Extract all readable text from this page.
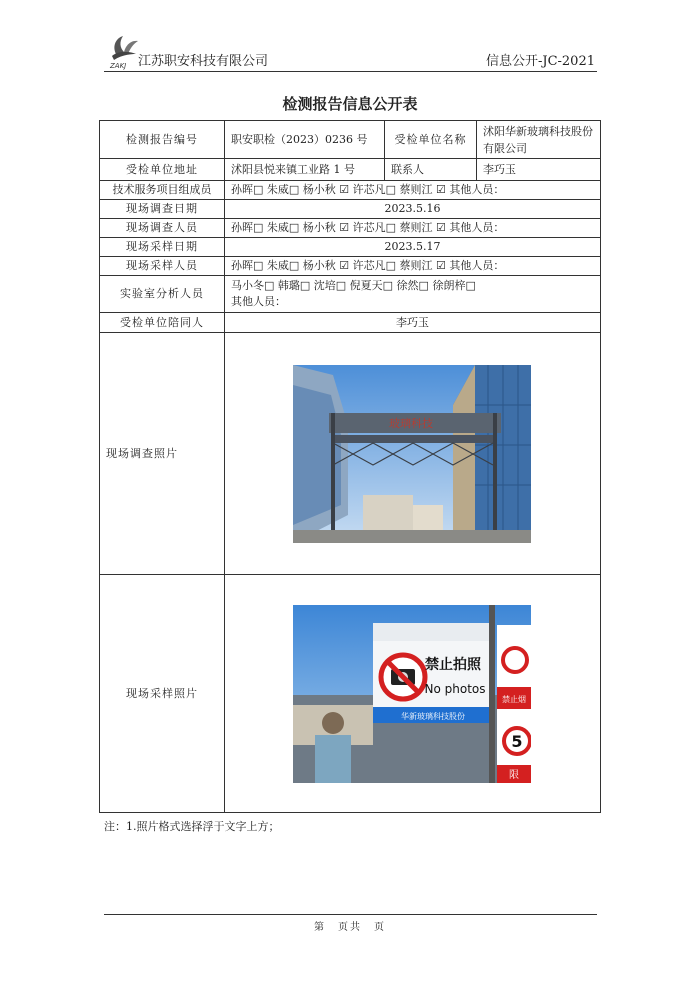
ZAKJ 江苏职安科技有限公司	信息公开-JC-2021
检测报告信息公开表
检测报告编号	职安职检（2023）0236 号	受检单位名称	沭阳华新玻璃科技股份有限公司
受检单位地址	沭阳县悦来镇工业路 1 号	联系人	李巧玉
技术服务项目组成员	孙晖□ 朱威□ 杨小秋 ☑ 许芯凡□ 蔡则江 ☑ 其他人员：		
现场调查日期	2023.5.16		
现场调查人员	孙晖□ 朱威□ 杨小秋 ☑ 许芯凡□ 蔡则江 ☑ 其他人员：		
现场采样日期	2023.5.17		
现场采样人员	孙晖□ 朱威□ 杨小秋 ☑ 许芯凡□ 蔡则江 ☑ 其他人员：		
实验室分析人员	马小冬□ 韩璐□ 沈培□ 倪夏天□ 徐然□ 徐朗梓□
其他人员：		

受检单位陪同人	李巧玉		
现场调查照片			
现场采样照片			
玻璃科技
禁止拍照
No photos
华新玻璃科技股份
禁止烟
5
限
注：1.照片格式选择浮于文字上方；
第　页共　页
